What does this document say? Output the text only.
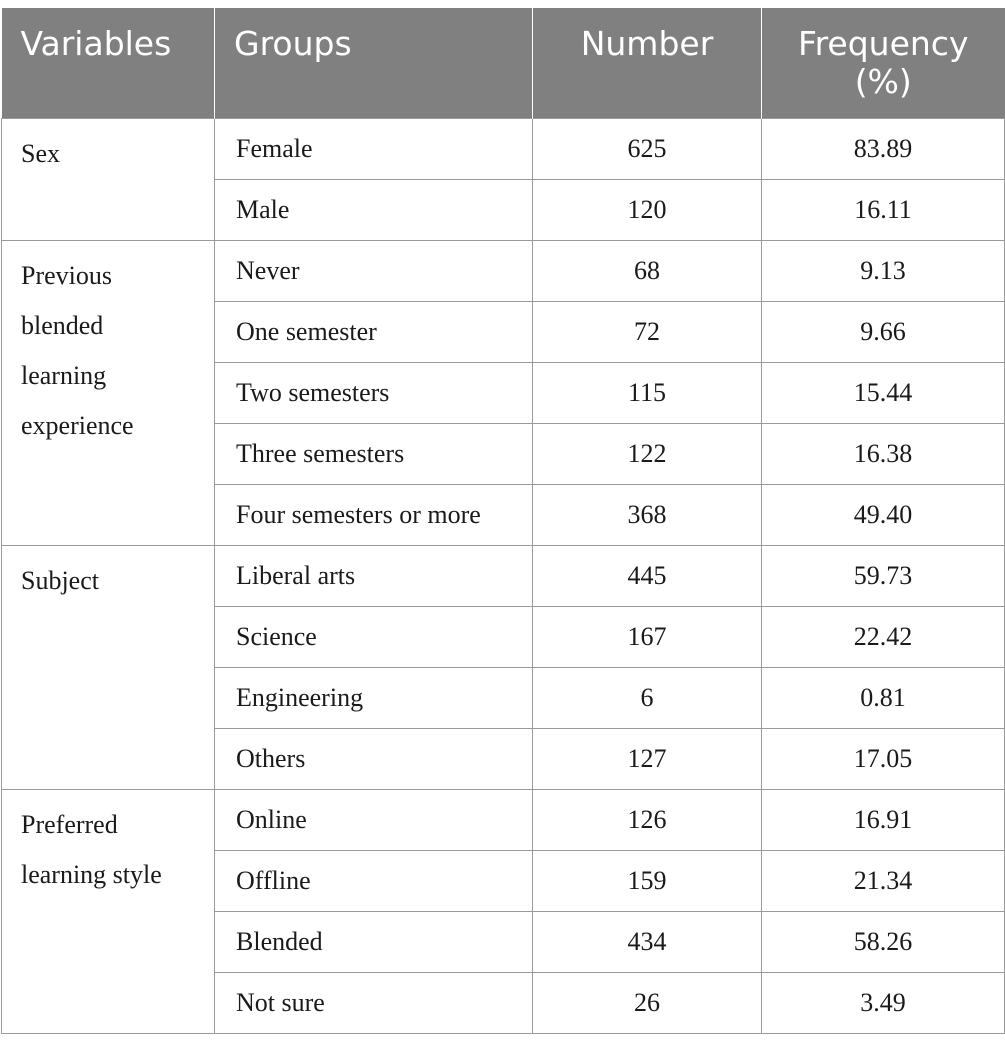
Variables	Groups	Number	Frequency
(%)

Sex	Female	625	83.89
	Male	120	16.11
Previous
blended
learning
experience	Never	68	9.13
	One semester	72	9.66
	Two semesters	115	15.44
	Three semesters	122	16.38
	Four semesters or more	368	49.40
Subject	Liberal arts	445	59.73
	Science	167	22.42
	Engineering	6	0.81
	Others	127	17.05
Preferred
learning style	Online	126	16.91
	Offline	159	21.34
	Blended	434	58.26
	Not sure	26	3.49
